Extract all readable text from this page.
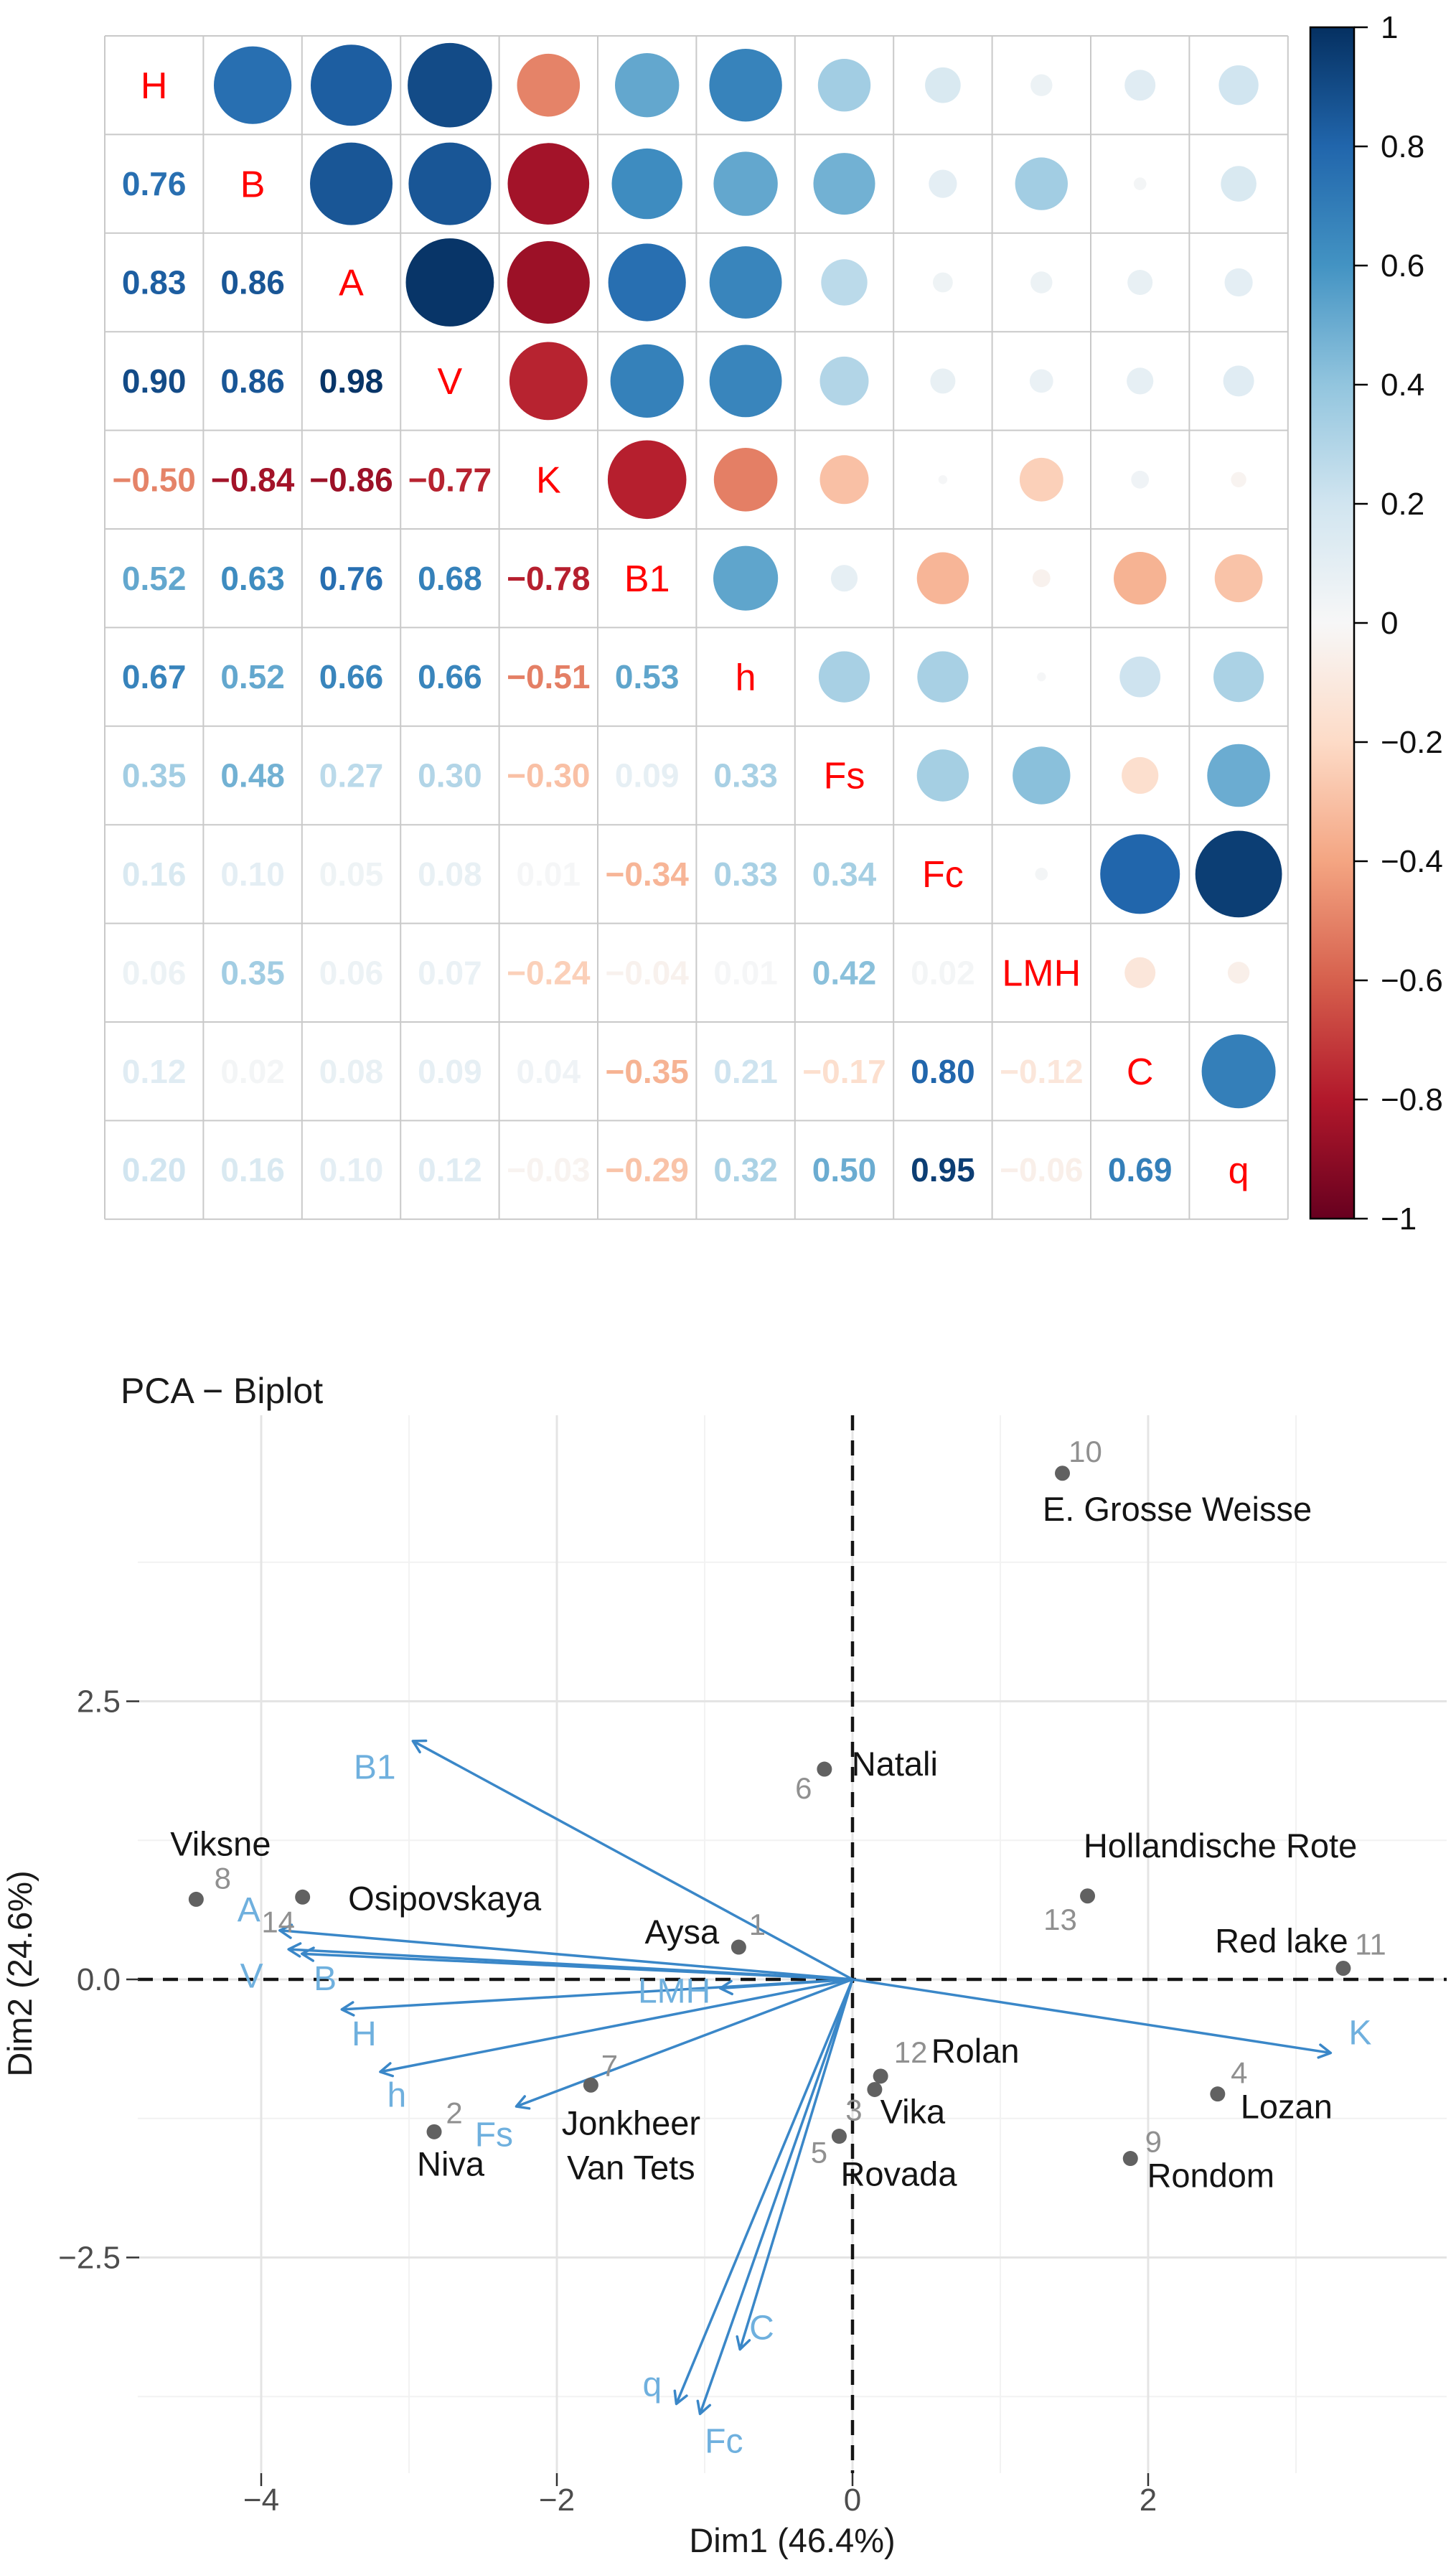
H
0.76 B
0.83 0.86 A
0.90 0.86 0.98 V
−0.50 −0.84 −0.86 −0.77 K
0.52 0.63 0.76 0.68 −0.78 B1
0.67 0.52 0.66 0.66 −0.51 0.53 h
0.35 0.48 0.27 0.30 −0.30 0.09 0.33 Fs
0.16 0.10 0.05 0.08 0.01 −0.34 0.33 0.34 Fc
0.06 0.35 0.06 0.07 −0.24 −0.04 0.01 0.42 0.02 LMH
0.12 0.02 0.08 0.09 0.04 −0.35 0.21 −0.17 0.80 −0.12 C
0.20 0.16 0.10 0.12 −0.03 −0.29 0.32 0.50 0.95 −0.06 0.69 q
1
0.8
0.6
0.4
0.2
0
−0.2
−0.4
−0.6
−0.8
−1
−4	−2	0	2
2.5
0.0
−2.5
B1
A
B
V
H
h
Fs
LMH
K
C
q
Fc
1
Aysa
2
Niva
3 Vika
4
Lozan
5
Rovada
6
Natali
7
Jonkheer Van Tets
8
Viksne
9
Rondom
10
E. Grosse Weisse
11
Red lake
12 Rolan
13
Hollandische Rote
14
Osipovskaya
PCA − Biplot
Dim1 (46.4%)
Dim2 (24.6%)
